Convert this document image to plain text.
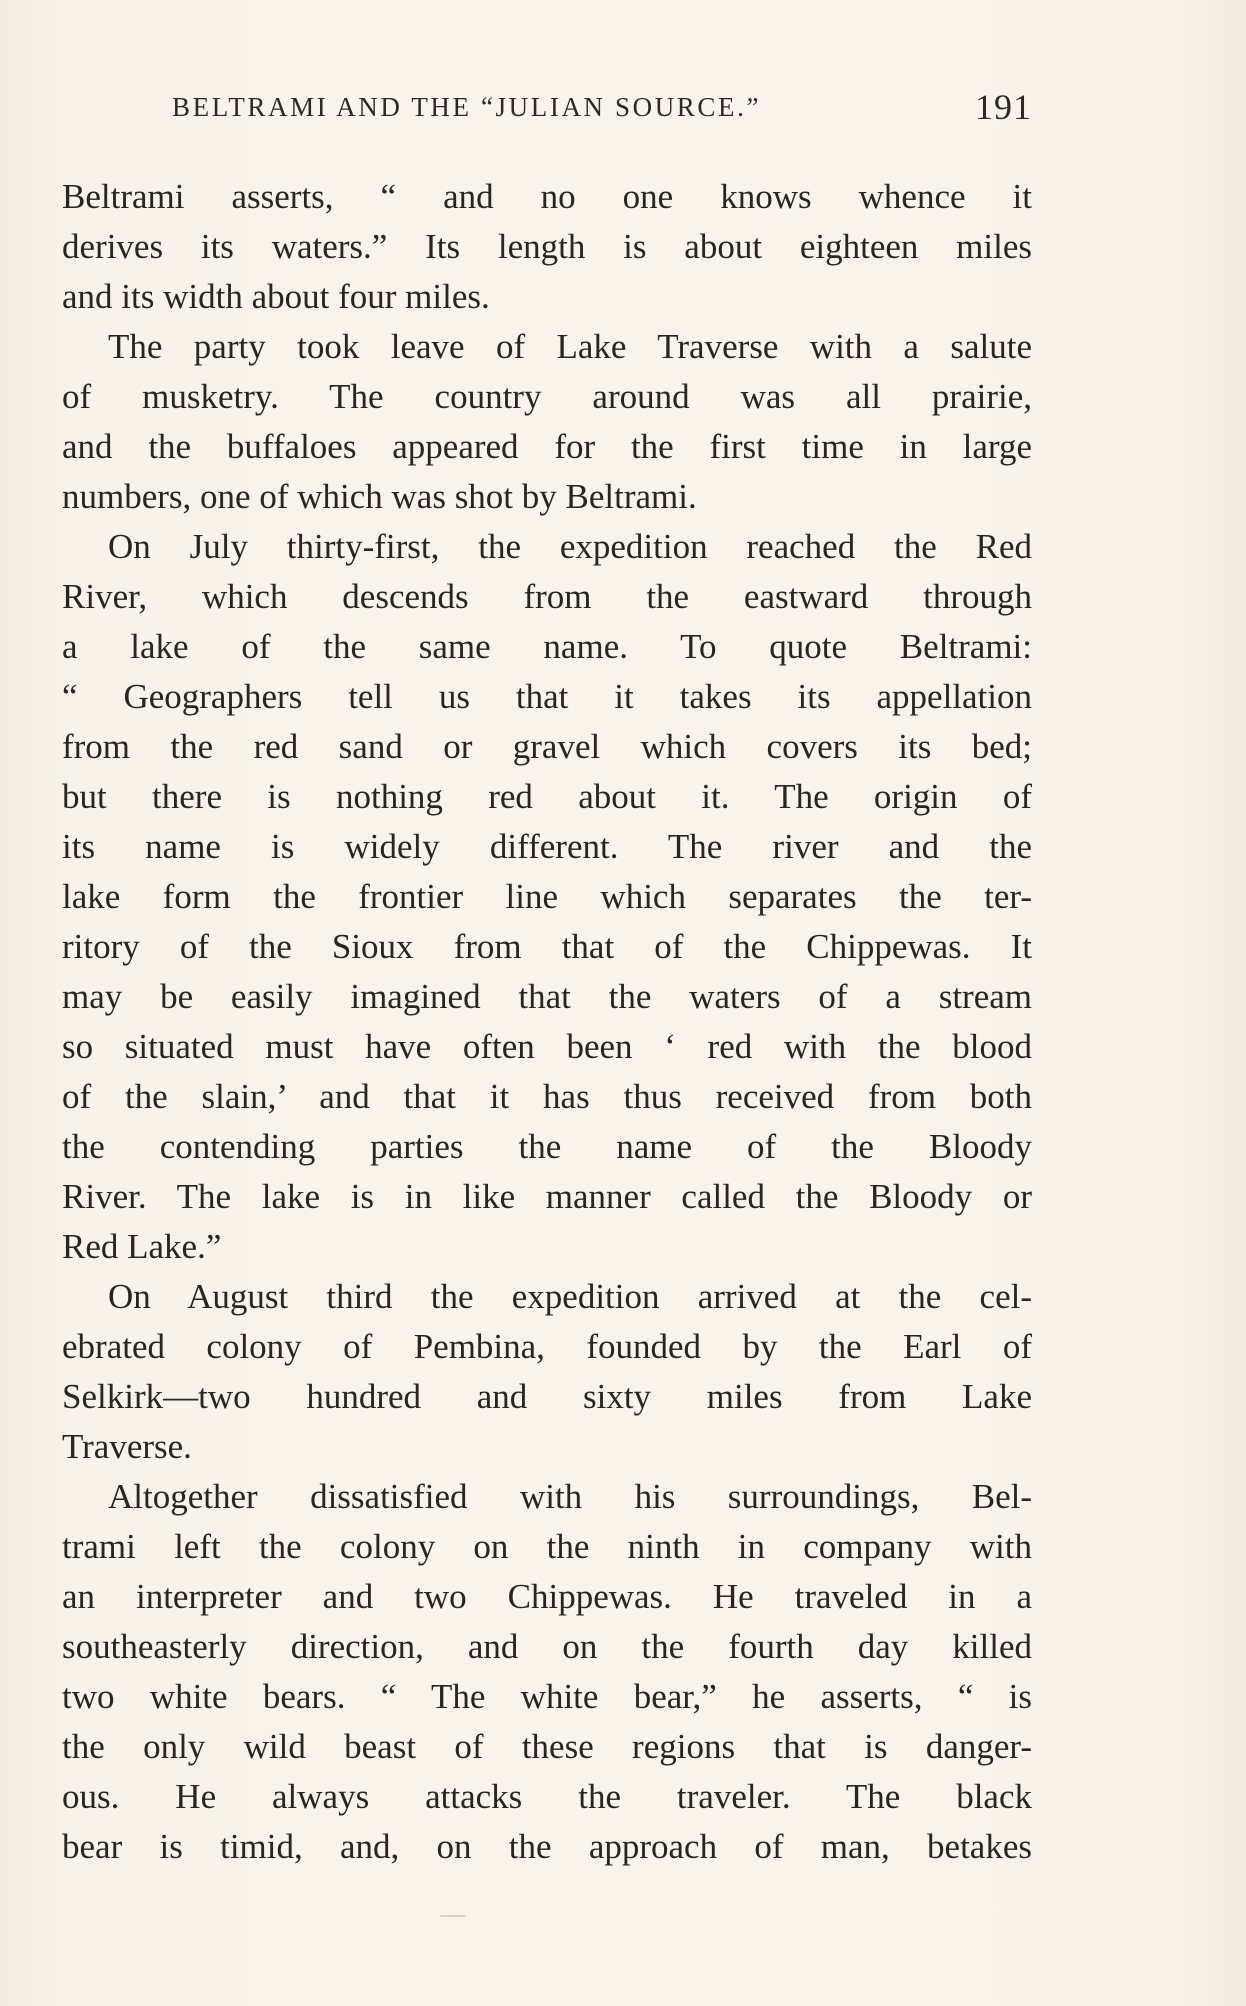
BELTRAMI AND THE “JULIAN SOURCE.”	191
Beltrami asserts, “ and no one knows whence it
derives its waters.” Its length is about eighteen miles
and its width about four miles.
The party took leave of Lake Traverse with a salute
of musketry. The country around was all prairie,
and the buffaloes appeared for the first time in large
numbers, one of which was shot by Beltrami.
On July thirty-first, the expedition reached the Red
River, which descends from the eastward through
a lake of the same name. To quote Beltrami:
“ Geographers tell us that it takes its appellation
from the red sand or gravel which covers its bed;
but there is nothing red about it. The origin of
its name is widely different. The river and the
lake form the frontier line which separates the ter-
ritory of the Sioux from that of the Chippewas. It
may be easily imagined that the waters of a stream
so situated must have often been ‘ red with the blood
of the slain,’ and that it has thus received from both
the contending parties the name of the Bloody
River. The lake is in like manner called the Bloody or
Red Lake.”
On August third the expedition arrived at the cel-
ebrated colony of Pembina, founded by the Earl of
Selkirk—two hundred and sixty miles from Lake
Traverse.
Altogether dissatisfied with his surroundings, Bel-
trami left the colony on the ninth in company with
an interpreter and two Chippewas. He traveled in a
southeasterly direction, and on the fourth day killed
two white bears. “ The white bear,” he asserts, “ is
the only wild beast of these regions that is danger-
ous. He always attacks the traveler. The black
bear is timid, and, on the approach of man, betakes
